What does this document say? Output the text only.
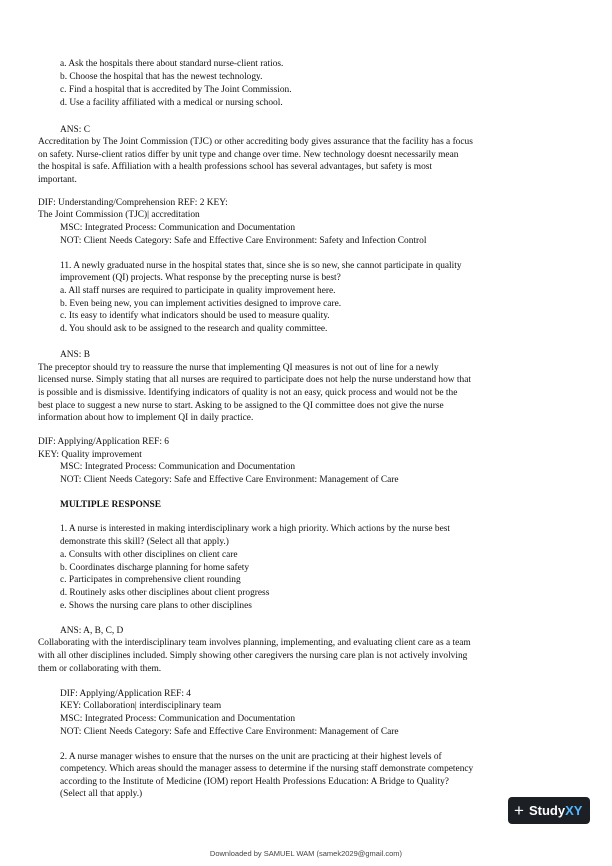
a. Ask the hospitals there about standard nurse-client ratios.
b. Choose the hospital that has the newest technology.
c. Find a hospital that is accredited by The Joint Commission.
d. Use a facility affiliated with a medical or nursing school.
ANS: C
Accreditation by The Joint Commission (TJC) or other accrediting body gives assurance that the facility has a focus
on safety. Nurse-client ratios differ by unit type and change over time. New technology doesnt necessarily mean
the hospital is safe. Affiliation with a health professions school has several advantages, but safety is most
important.
DIF: Understanding/Comprehension REF: 2 KEY:
The Joint Commission (TJC)| accreditation
MSC: Integrated Process: Communication and Documentation
NOT: Client Needs Category: Safe and Effective Care Environment: Safety and Infection Control
11. A newly graduated nurse in the hospital states that, since she is so new, she cannot participate in quality
improvement (QI) projects. What response by the precepting nurse is best?
a. All staff nurses are required to participate in quality improvement here.
b. Even being new, you can implement activities designed to improve care.
c. Its easy to identify what indicators should be used to measure quality.
d. You should ask to be assigned to the research and quality committee.
ANS: B
The preceptor should try to reassure the nurse that implementing QI measures is not out of line for a newly
licensed nurse. Simply stating that all nurses are required to participate does not help the nurse understand how that
is possible and is dismissive. Identifying indicators of quality is not an easy, quick process and would not be the
best place to suggest a new nurse to start. Asking to be assigned to the QI committee does not give the nurse
information about how to implement QI in daily practice.
DIF: Applying/Application REF: 6
KEY: Quality improvement
MSC: Integrated Process: Communication and Documentation
NOT: Client Needs Category: Safe and Effective Care Environment: Management of Care
MULTIPLE RESPONSE
1. A nurse is interested in making interdisciplinary work a high priority. Which actions by the nurse best
demonstrate this skill? (Select all that apply.)
a. Consults with other disciplines on client care
b. Coordinates discharge planning for home safety
c. Participates in comprehensive client rounding
d. Routinely asks other disciplines about client progress
e. Shows the nursing care plans to other disciplines
ANS: A, B, C, D
Collaborating with the interdisciplinary team involves planning, implementing, and evaluating client care as a team
with all other disciplines included. Simply showing other caregivers the nursing care plan is not actively involving
them or collaborating with them.
DIF: Applying/Application REF: 4
KEY: Collaboration| interdisciplinary team
MSC: Integrated Process: Communication and Documentation
NOT: Client Needs Category: Safe and Effective Care Environment: Management of Care
2. A nurse manager wishes to ensure that the nurses on the unit are practicing at their highest levels of
competency. Which areas should the manager assess to determine if the nursing staff demonstrate competency
according to the Institute of Medicine (IOM) report Health Professions Education: A Bridge to Quality?
(Select all that apply.)
+ Study XY
Downloaded by SAMUEL WAM (samek2029@gmail.com)
